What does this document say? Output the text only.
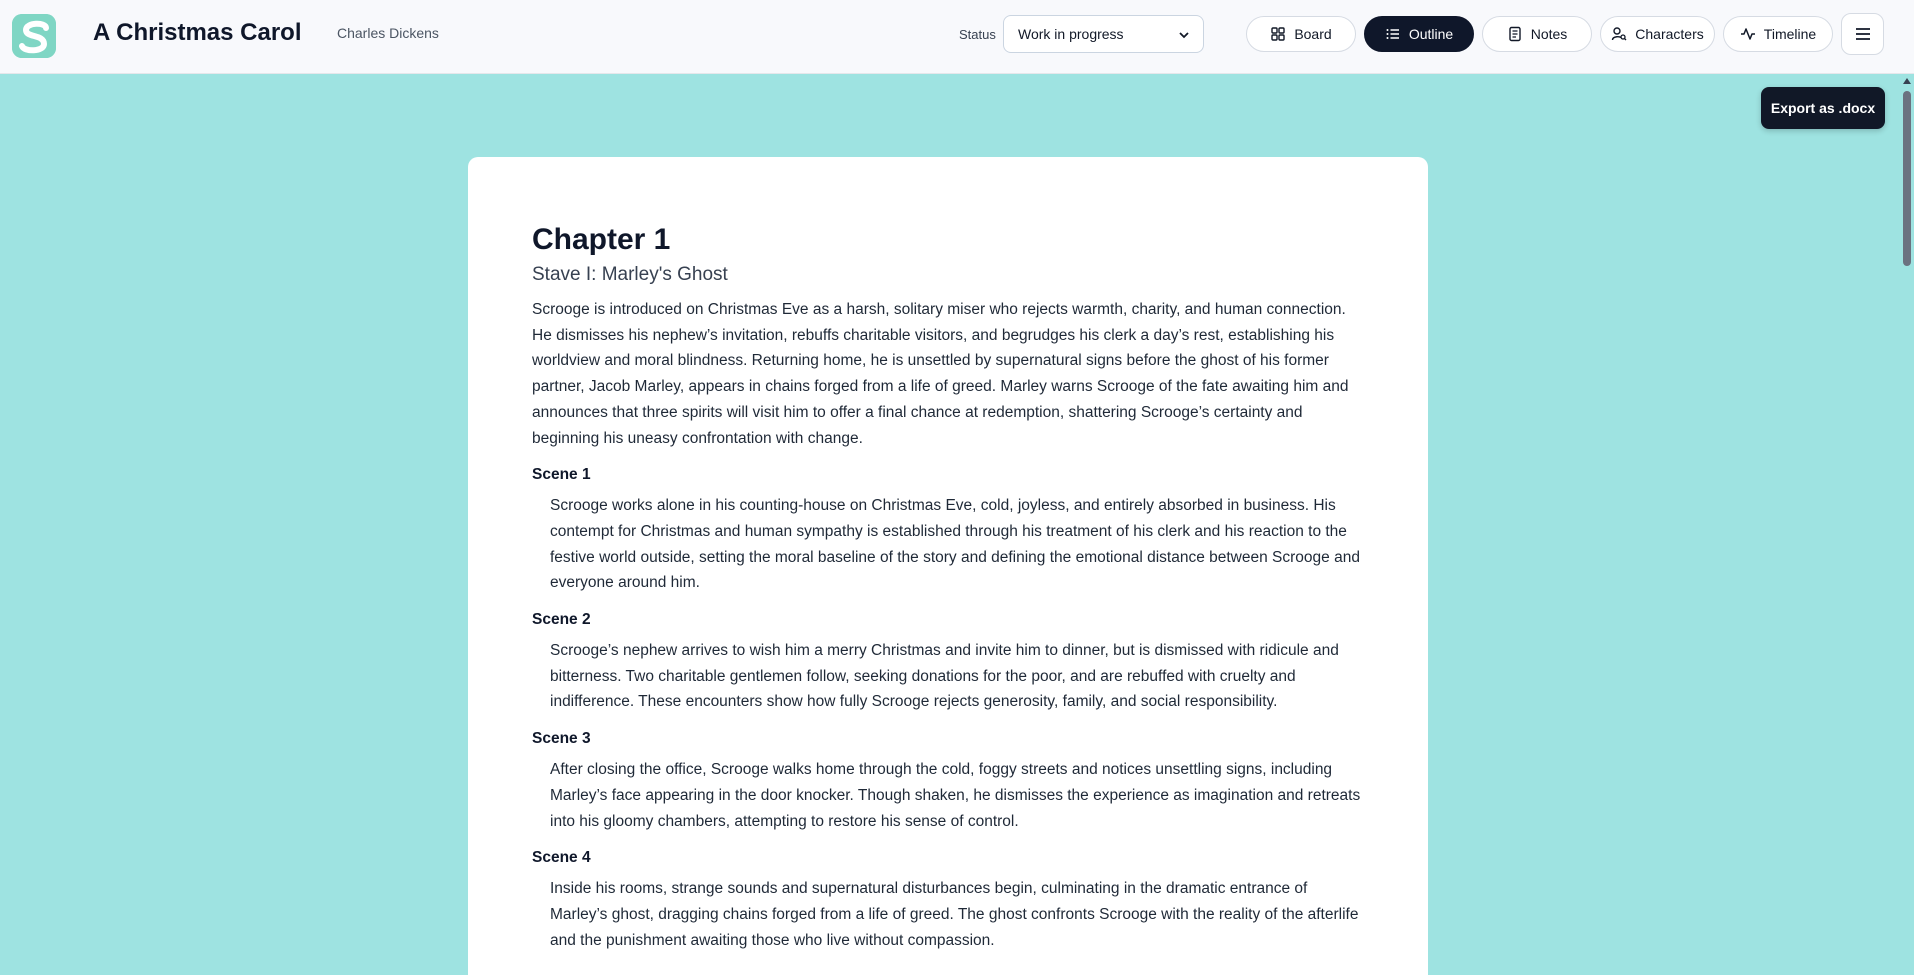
A Christmas Carol	Charles Dickens	Status Work in progress	Board	Outline	Notes	Characters	Timeline
Export as .docx
Chapter 1
Stave I: Marley's Ghost
Scrooge is introduced on Christmas Eve as a harsh, solitary miser who rejects warmth, charity, and human connection. He dismisses his nephew’s invitation, rebuffs charitable visitors, and begrudges his clerk a day’s rest, establishing his worldview and moral blindness. Returning home, he is unsettled by supernatural signs before the ghost of his former partner, Jacob Marley, appears in chains forged from a life of greed. Marley warns Scrooge of the fate awaiting him and announces that three spirits will visit him to offer a final chance at redemption, shattering Scrooge’s certainty and beginning his uneasy confrontation with change.
Scene 1
Scrooge works alone in his counting-house on Christmas Eve, cold, joyless, and entirely absorbed in business. His contempt for Christmas and human sympathy is established through his treatment of his clerk and his reaction to the festive world outside, setting the moral baseline of the story and defining the emotional distance between Scrooge and everyone around him.
Scene 2
Scrooge’s nephew arrives to wish him a merry Christmas and invite him to dinner, but is dismissed with ridicule and bitterness. Two charitable gentlemen follow, seeking donations for the poor, and are rebuffed with cruelty and indifference. These encounters show how fully Scrooge rejects generosity, family, and social responsibility.
Scene 3
After closing the office, Scrooge walks home through the cold, foggy streets and notices unsettling signs, including Marley’s face appearing in the door knocker. Though shaken, he dismisses the experience as imagination and retreats into his gloomy chambers, attempting to restore his sense of control.
Scene 4
Inside his rooms, strange sounds and supernatural disturbances begin, culminating in the dramatic entrance of Marley’s ghost, dragging chains forged from a life of greed. The ghost confronts Scrooge with the reality of the afterlife and the punishment awaiting those who live without compassion.
